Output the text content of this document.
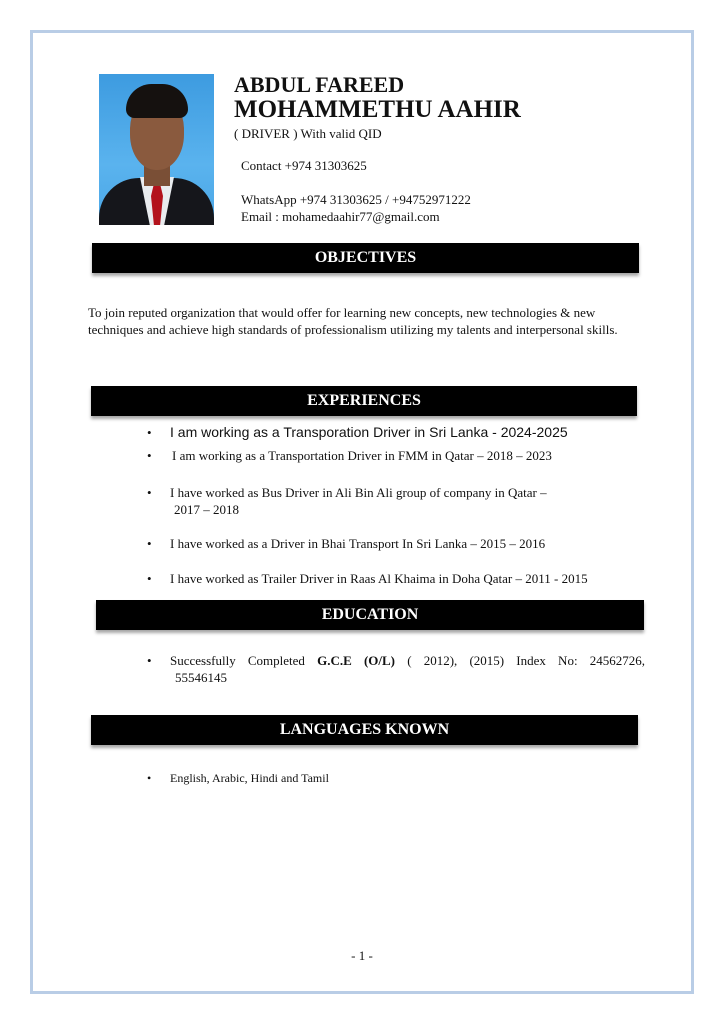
ABDUL FAREED
MOHAMMETHU AAHIR
( DRIVER ) With valid QID
Contact +974 31303625
WhatsApp +974 31303625 / +94752971222
Email : mohamedaahir77@gmail.com
OBJECTIVES

To join reputed organization that would offer for learning new concepts, new technologies & new techniques and achieve high standards of professionalism utilizing my talents and interpersonal skills.

EXPERIENCES
• I am working as a Transporation Driver in Sri Lanka - 2024-2025
• I am working as a Transportation Driver in FMM in Qatar – 2018 – 2023
• I have worked as Bus Driver in Ali Bin Ali group of company in Qatar –
2017 – 2018
• I have worked as a Driver in Bhai Transport In Sri Lanka – 2015 – 2016
• I have worked as Trailer Driver in Raas Al Khaima in Doha Qatar – 2011 - 2015
EDUCATION
• Successfully Completed G.C.E (O/L) ( 2012), (2015) Index No: 24562726,
55546145
LANGUAGES KNOWN
• English, Arabic, Hindi and Tamil
- 1 -
